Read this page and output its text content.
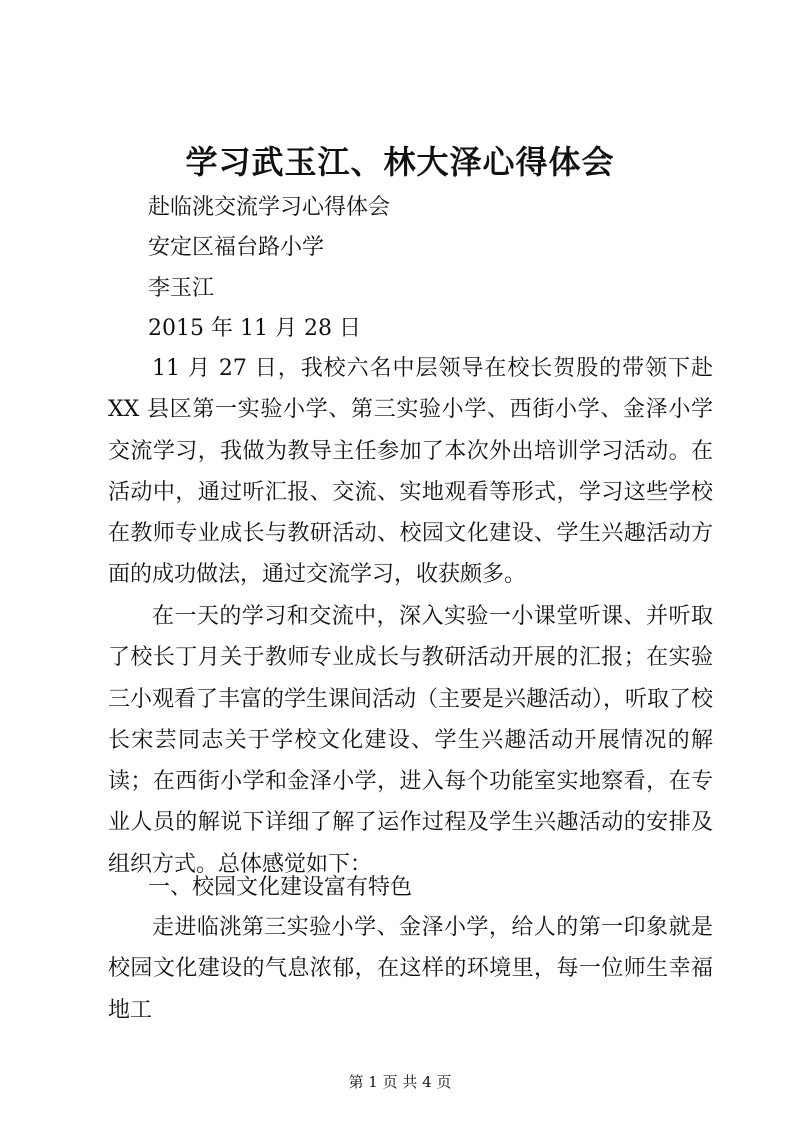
学习武玉江、林大泽心得体会
赴临洮交流学习心得体会
安定区福台路小学
李玉江
2015 年 11 月 28 日

11 月 27 日，我校六名中层领导在校长贺股的带领下赴 XX 县区第一实验小学、第三实验小学、西街小学、金泽小学交流学习，我做为教导主任参加了本次外出培训学习活动。在活动中，通过听汇报、交流、实地观看等形式，学习这些学校在教师专业成长与教研活动、校园文化建设、学生兴趣活动方面的成功做法，通过交流学习，收获颇多。

在一天的学习和交流中，深入实验一小课堂听课、并听取了校长丁月关于教师专业成长与教研活动开展的汇报；在实验三小观看了丰富的学生课间活动（主要是兴趣活动），听取了校长宋芸同志关于学校文化建设、学生兴趣活动开展情况的解读；在西街小学和金泽小学，进入每个功能室实地察看，在专业人员的解说下详细了解了运作过程及学生兴趣活动的安排及组织方式。总体感觉如下：

一、校园文化建设富有特色

走进临洮第三实验小学、金泽小学，给人的第一印象就是校园文化建设的气息浓郁，在这样的环境里，每一位师生幸福地工

第 1 页 共 4 页
